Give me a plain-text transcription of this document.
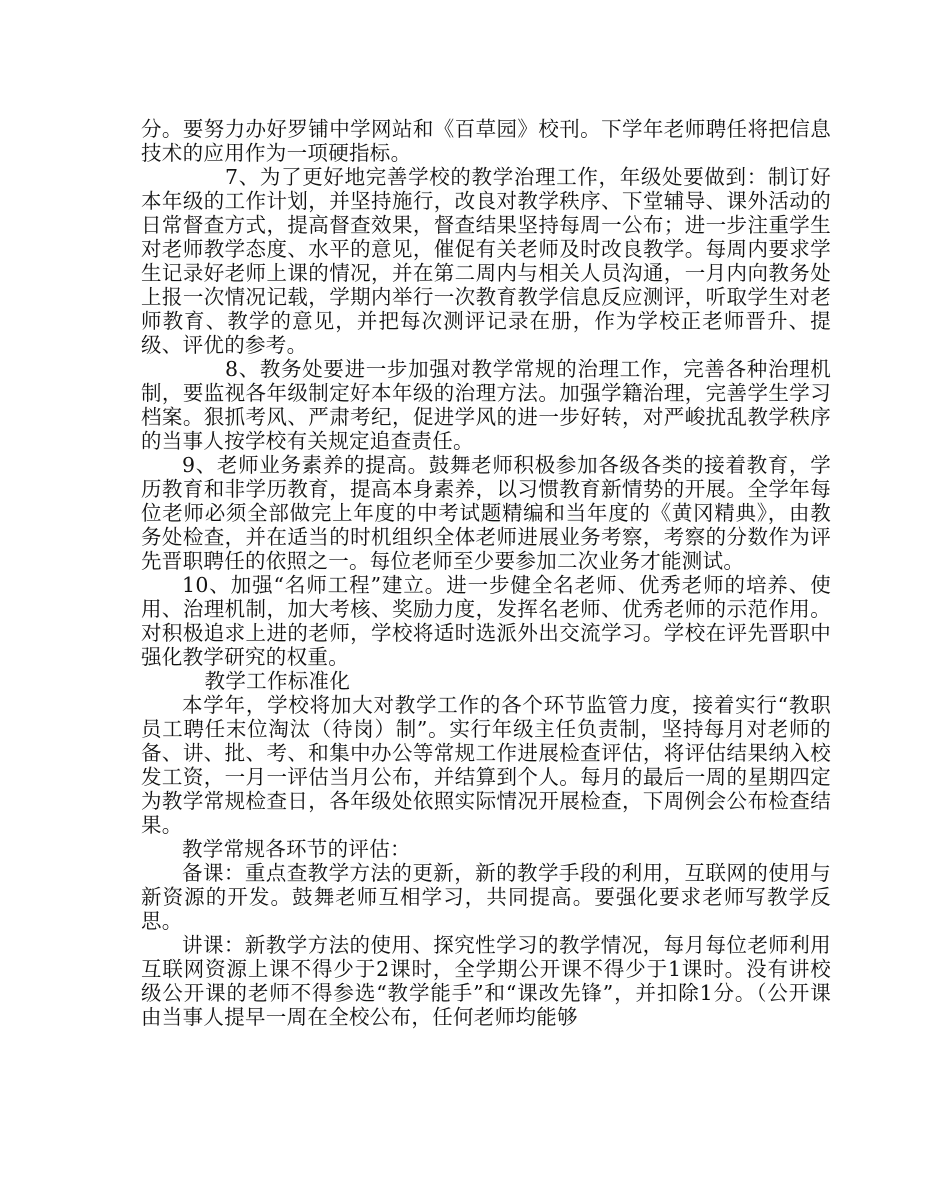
分。要努力办好罗铺中学网站和《百草园》校刊。下学年老师聘任将把信息技术的应用作为一项硬指标。

7、为了更好地完善学校的教学治理工作，年级处要做到：制订好本年级的工作计划，并坚持施行，改良对教学秩序、下堂辅导、课外活动的日常督查方式，提高督查效果，督查结果坚持每周一公布；进一步注重学生对老师教学态度、水平的意见，催促有关老师及时改良教学。每周内要求学生记录好老师上课的情况，并在第二周内与相关人员沟通，一月内向教务处上报一次情况记载，学期内举行一次教育教学信息反应测评，听取学生对老师教育、教学的意见，并把每次测评记录在册，作为学校正老师晋升、提级、评优的参考。

8、教务处要进一步加强对教学常规的治理工作，完善各种治理机制，要监视各年级制定好本年级的治理方法。加强学籍治理，完善学生学习档案。狠抓考风、严肃考纪，促进学风的进一步好转，对严峻扰乱教学秩序的当事人按学校有关规定追查责任。

9、老师业务素养的提高。鼓舞老师积极参加各级各类的接着教育，学历教育和非学历教育，提高本身素养，以习惯教育新情势的开展。全学年每位老师必须全部做完上年度的中考试题精编和当年度的《黄冈精典》，由教务处检查，并在适当的时机组织全体老师进展业务考察，考察的分数作为评先晋职聘任的依照之一。每位老师至少要参加二次业务才能测试。

10、加强“名师工程”建立。进一步健全名老师、优秀老师的培养、使用、治理机制，加大考核、奖励力度，发挥名老师、优秀老师的示范作用。对积极追求上进的老师，学校将适时选派外出交流学习。学校在评先晋职中强化教学研究的权重。

教学工作标准化

本学年，学校将加大对教学工作的各个环节监管力度，接着实行“教职员工聘任末位淘汰（待岗）制”。实行年级主任负责制，坚持每月对老师的备、讲、批、考、和集中办公等常规工作进展检查评估，将评估结果纳入校发工资，一月一评估当月公布，并结算到个人。每月的最后一周的星期四定为教学常规检查日，各年级处依照实际情况开展检查，下周例会公布检查结果。

教学常规各环节的评估：

备课：重点查教学方法的更新，新的教学手段的利用，互联网的使用与新资源的开发。鼓舞老师互相学习，共同提高。要强化要求老师写教学反思。

讲课：新教学方法的使用、探究性学习的教学情况，每月每位老师利用互联网资源上课不得少于2课时，全学期公开课不得少于1课时。没有讲校级公开课的老师不得参选“教学能手”和“课改先锋”，并扣除1分。（公开课由当事人提早一周在全校公布，任何老师均能够
